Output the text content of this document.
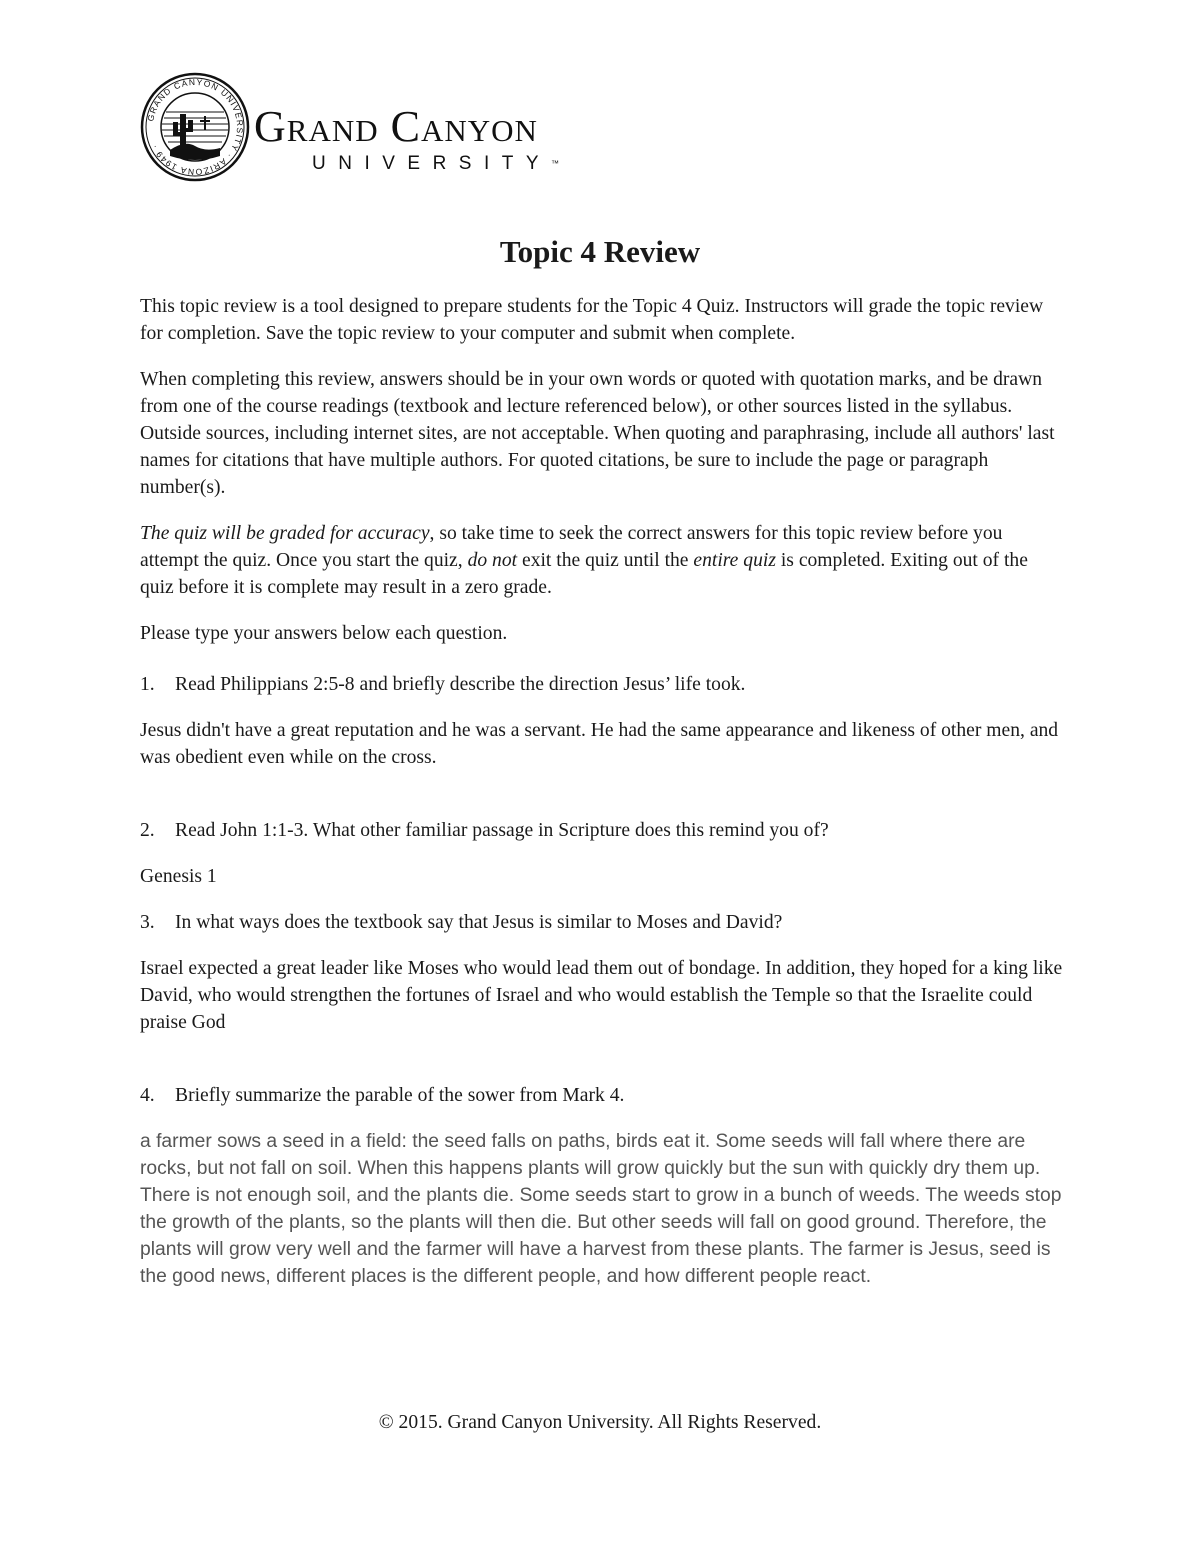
GRAND CANYON UNIVERSITY · ARIZONA 1949 ·	Grand Canyon
UNIVERSITY™
Topic 4 Review

This topic review is a tool designed to prepare students for the Topic 4 Quiz. Instructors will grade the topic review for completion. Save the topic review to your computer and submit when complete.

When completing this review, answers should be in your own words or quoted with quotation marks, and be drawn from one of the course readings (textbook and lecture referenced below), or other sources listed in the syllabus. Outside sources, including internet sites, are not acceptable. When quoting and paraphrasing, include all authors' last names for citations that have multiple authors. For quoted citations, be sure to include the page or paragraph number(s).

The quiz will be graded for accuracy, so take time to seek the correct answers for this topic review before you attempt the quiz. Once you start the quiz, do not exit the quiz until the entire quiz is completed. Exiting out of the quiz before it is complete may result in a zero grade.

Please type your answers below each question.

1. Read Philippians 2:5-8 and briefly describe the direction Jesus’ life took.

Jesus didn't have a great reputation and he was a servant. He had the same appearance and likeness of other men, and was obedient even while on the cross.

2. Read John 1:1-3. What other familiar passage in Scripture does this remind you of?

Genesis 1

3. In what ways does the textbook say that Jesus is similar to Moses and David?

Israel expected a great leader like Moses who would lead them out of bondage. In addition, they hoped for a king like David, who would strengthen the fortunes of Israel and who would establish the Temple so that the Israelite could praise God

4. Briefly summarize the parable of the sower from Mark 4.

a farmer sows a seed in a field: the seed falls on paths, birds eat it. Some seeds will fall where there are rocks, but not fall on soil. When this happens plants will grow quickly but the sun with quickly dry them up. There is not enough soil, and the plants die. Some seeds start to grow in a bunch of weeds. The weeds stop the growth of the plants, so the plants will then die. But other seeds will fall on good ground. Therefore, the plants will grow very well and the farmer will have a harvest from these plants. The farmer is Jesus, seed is the good news, different places is the different people, and how different people react.

© 2015. Grand Canyon University. All Rights Reserved.
